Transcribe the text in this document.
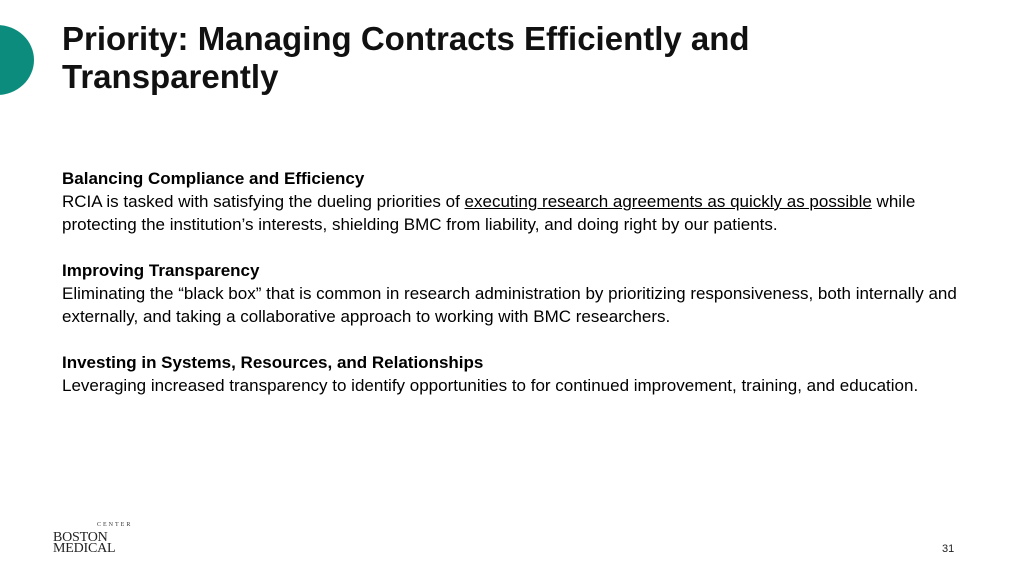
Priority: Managing Contracts Efficiently and Transparently
Balancing Compliance and Efficiency
RCIA is tasked with satisfying the dueling priorities of executing research agreements as quickly as possible while protecting the institution’s interests, shielding BMC from liability, and doing right by our patients.
Improving Transparency
Eliminating the “black box” that is common in research administration by prioritizing responsiveness, both internally and externally, and taking a collaborative approach to working with BMC researchers.
Investing in Systems, Resources, and Relationships
Leveraging increased transparency to identify opportunities to for continued improvement, training, and education.
CENTER
BOSTON
MEDICAL	31
